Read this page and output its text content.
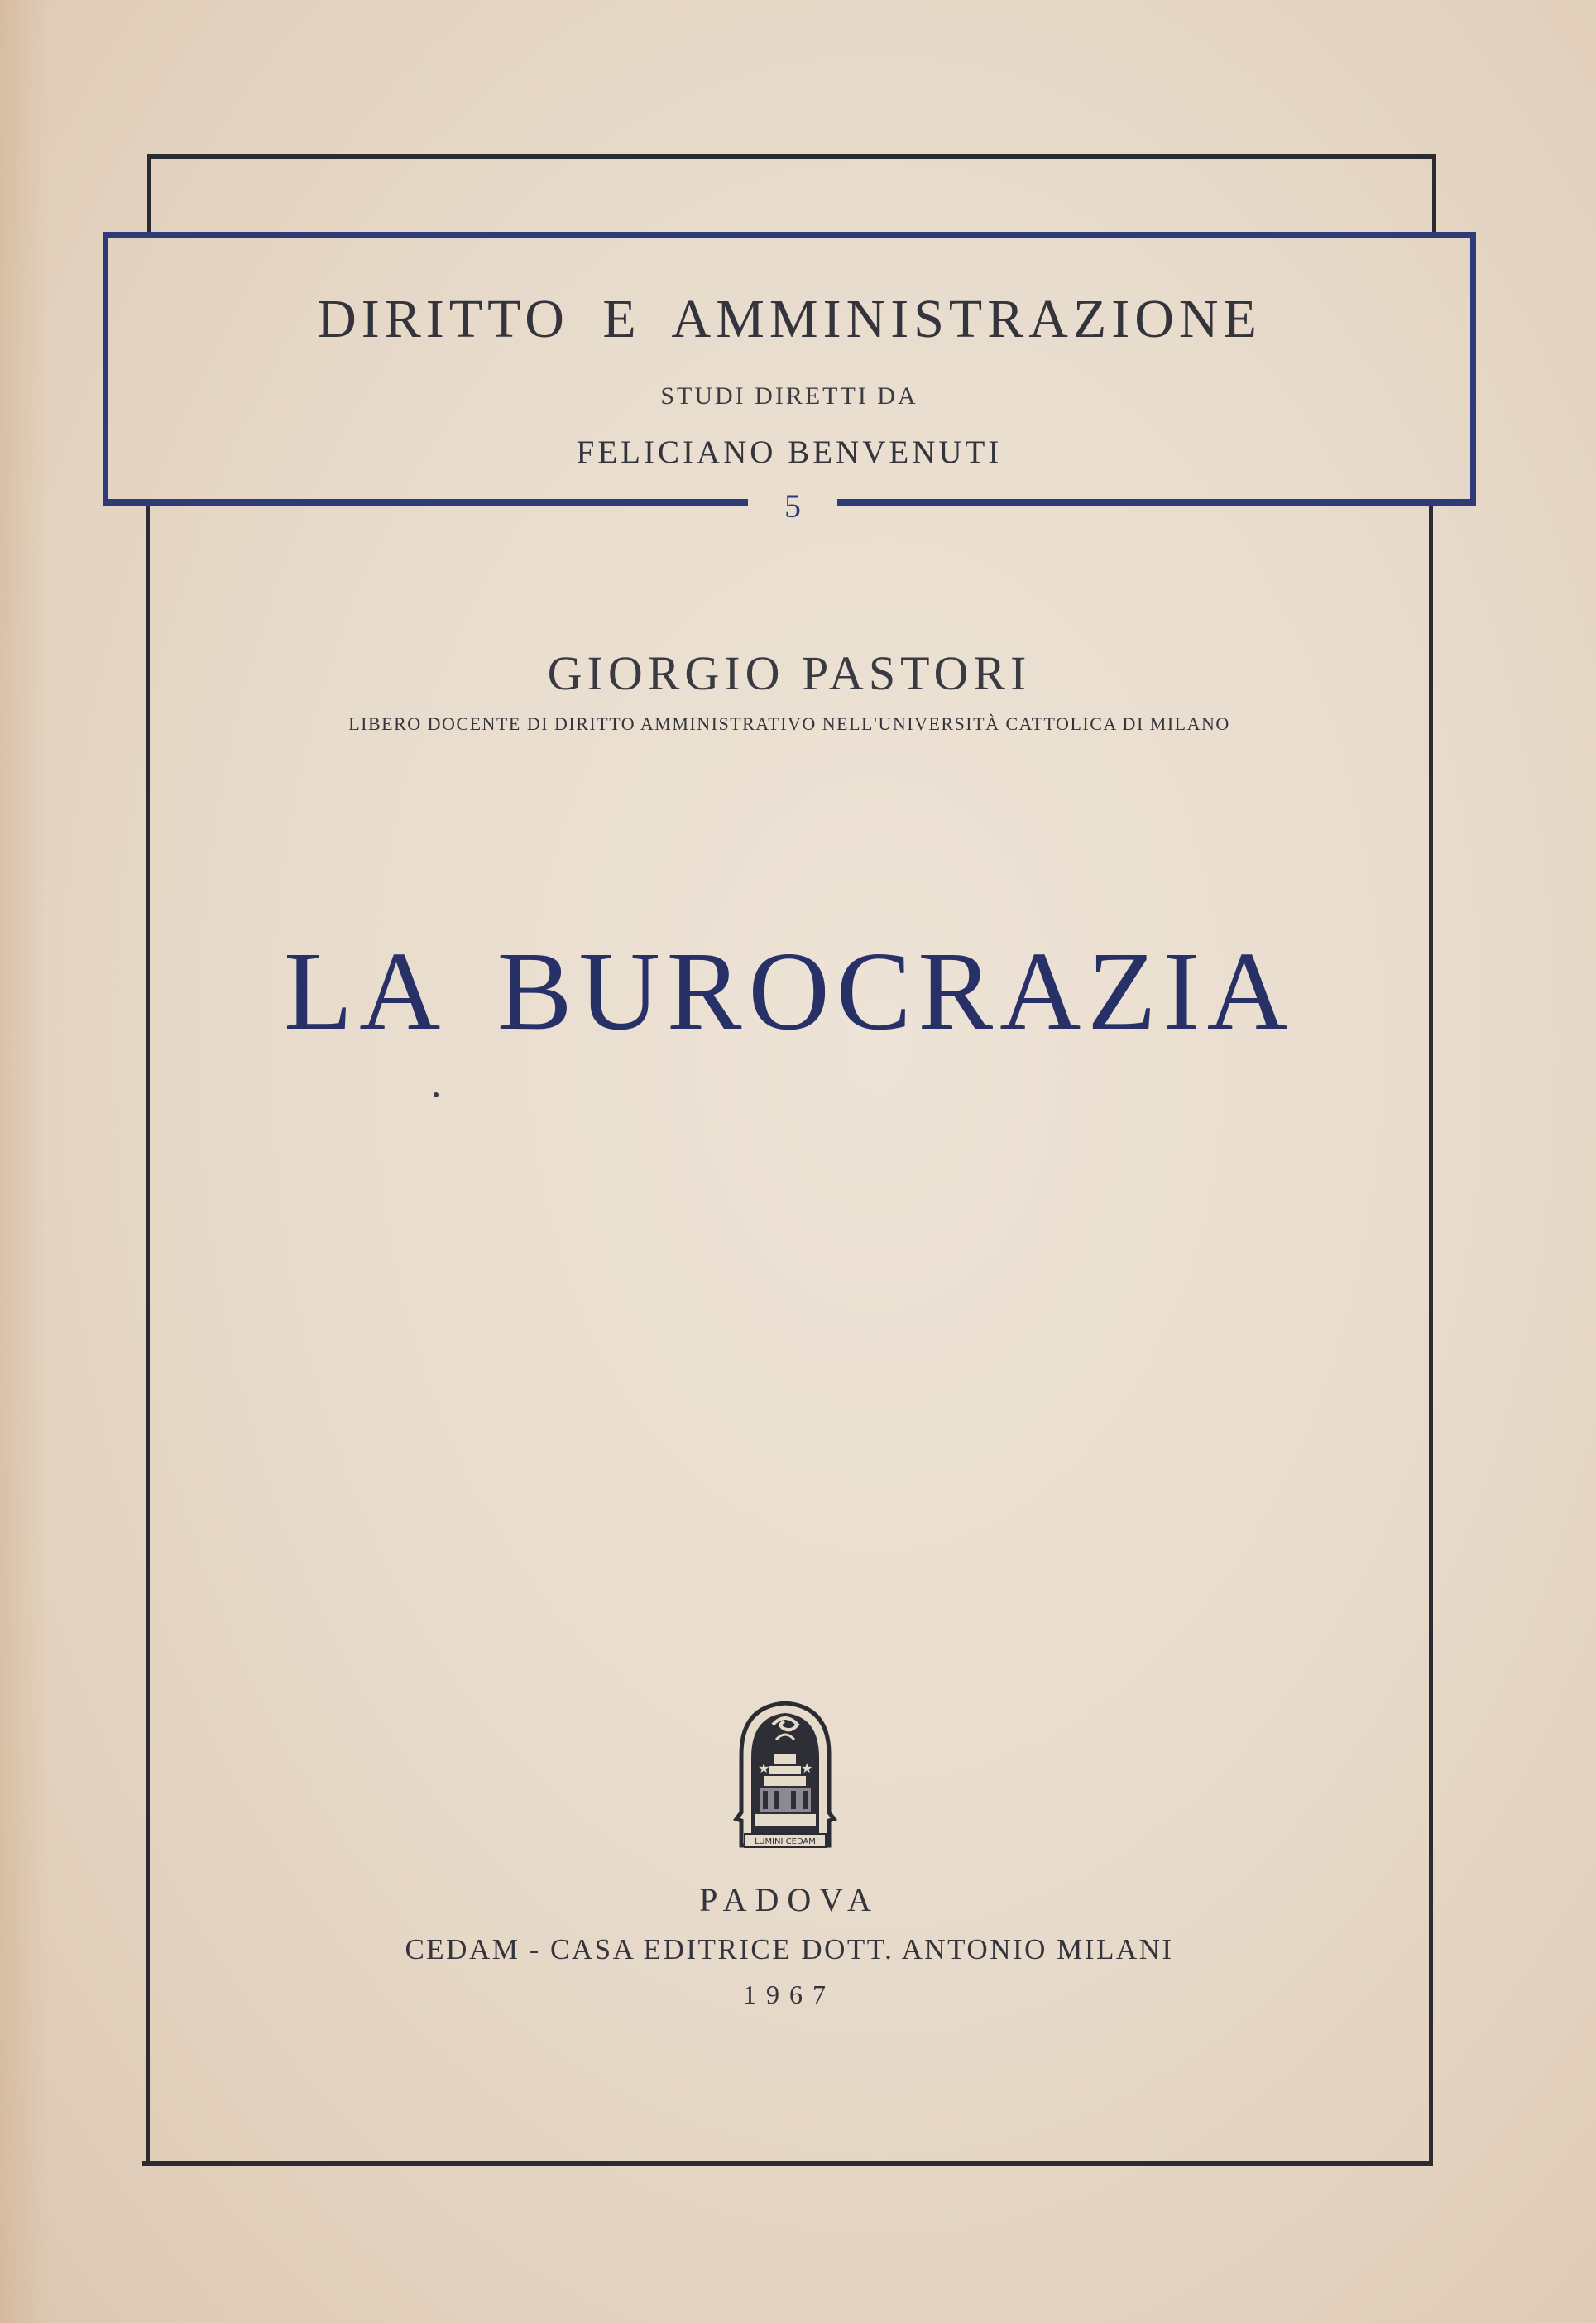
DIRITTO E AMMINISTRAZIONE
STUDI DIRETTI DA
FELICIANO BENVENUTI
5
GIORGIO PASTORI
LIBERO DOCENTE DI DIRITTO AMMINISTRATIVO NELL'UNIVERSITÀ CATTOLICA DI MILANO
LA BUROCRAZIA
★ ★
LUMINI CEDAM
PADOVA
CEDAM - CASA EDITRICE DOTT. ANTONIO MILANI
1967
